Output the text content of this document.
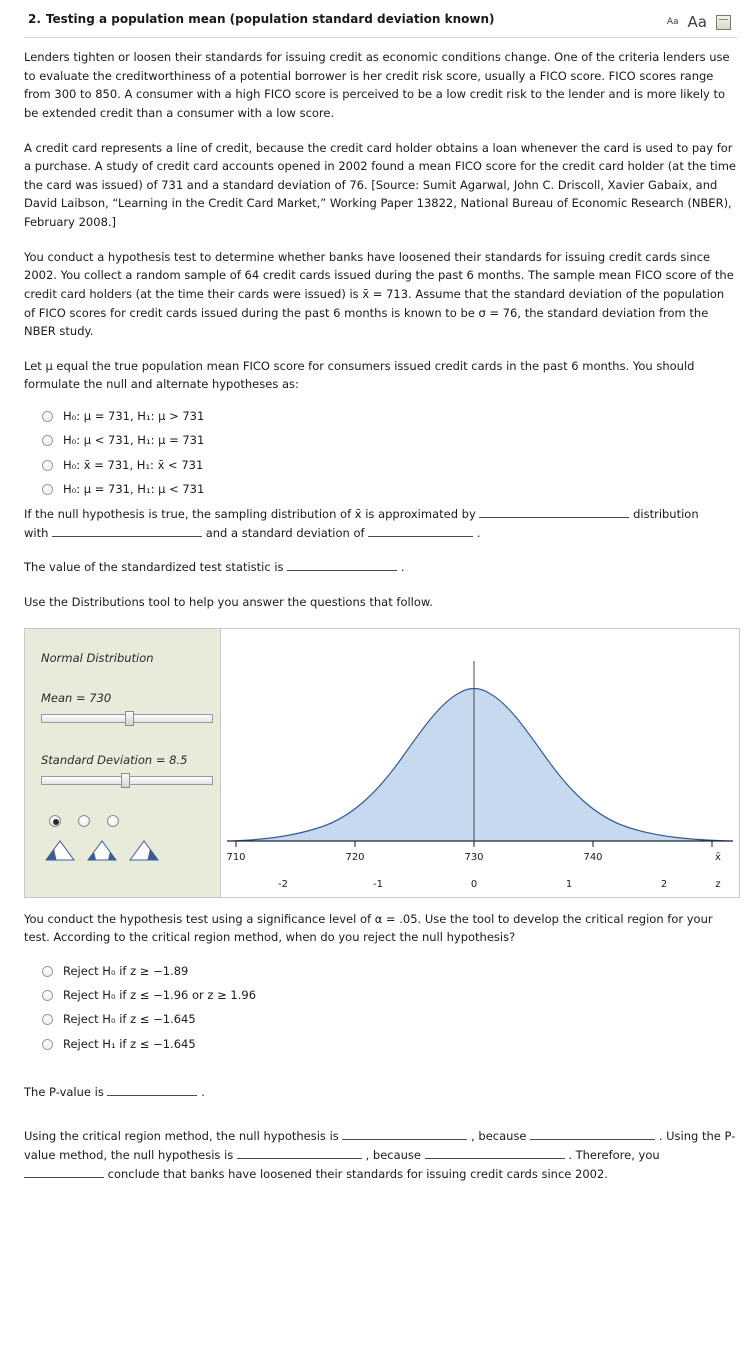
2. Testing a population mean (population standard deviation known)	Aa Aa

Lenders tighten or loosen their standards for issuing credit as economic conditions change. One of the criteria lenders use to evaluate the creditworthiness of a potential borrower is her credit risk score, usually a FICO score. FICO scores range from 300 to 850. A consumer with a high FICO score is perceived to be a low credit risk to the lender and is more likely to be extended credit than a consumer with a low score.

A credit card represents a line of credit, because the credit card holder obtains a loan whenever the card is used to pay for a purchase. A study of credit card accounts opened in 2002 found a mean FICO score for the credit card holder (at the time the card was issued) of 731 and a standard deviation of 76. [Source: Sumit Agarwal, John C. Driscoll, Xavier Gabaix, and David Laibson, “Learning in the Credit Card Market,” Working Paper 13822, National Bureau of Economic Research (NBER), February 2008.]

You conduct a hypothesis test to determine whether banks have loosened their standards for issuing credit cards since 2002. You collect a random sample of 64 credit cards issued during the past 6 months. The sample mean FICO score of the credit card holders (at the time their cards were issued) is x̄ = 713. Assume that the standard deviation of the population of FICO scores for credit cards issued during the past 6 months is known to be σ = 76, the standard deviation from the NBER study.

Let μ equal the true population mean FICO score for consumers issued credit cards in the past 6 months. You should formulate the null and alternate hypotheses as:

H₀: μ = 731, H₁: μ > 731
H₀: μ < 731, H₁: μ = 731
H₀: x̄ = 731, H₁: x̄ < 731
H₀: μ = 731, H₁: μ < 731

If the null hypothesis is true, the sampling distribution of x̄ is approximated by	distribution
with	and a standard deviation of	.

The value of the standardized test statistic is	.

Use the Distributions tool to help you answer the questions that follow.

Normal Distribution
Mean = 730
Standard Deviation = 8.5
710	720	730	740	x̄
-2	-1	0	1	2	z

You conduct the hypothesis test using a significance level of α = .05. Use the tool to develop the critical region for your test. According to the critical region method, when do you reject the null hypothesis?

Reject H₀ if z ≥ −1.89
Reject H₀ if z ≤ −1.96 or z ≥ 1.96
Reject H₀ if z ≤ −1.645
Reject H₁ if z ≤ −1.645

The P-value is	.

Using the critical region method, the null hypothesis is	, because	. Using the P-value method, the null hypothesis is	, because	. Therefore, you  conclude that banks have loosened their standards for issuing credit cards since 2002.
